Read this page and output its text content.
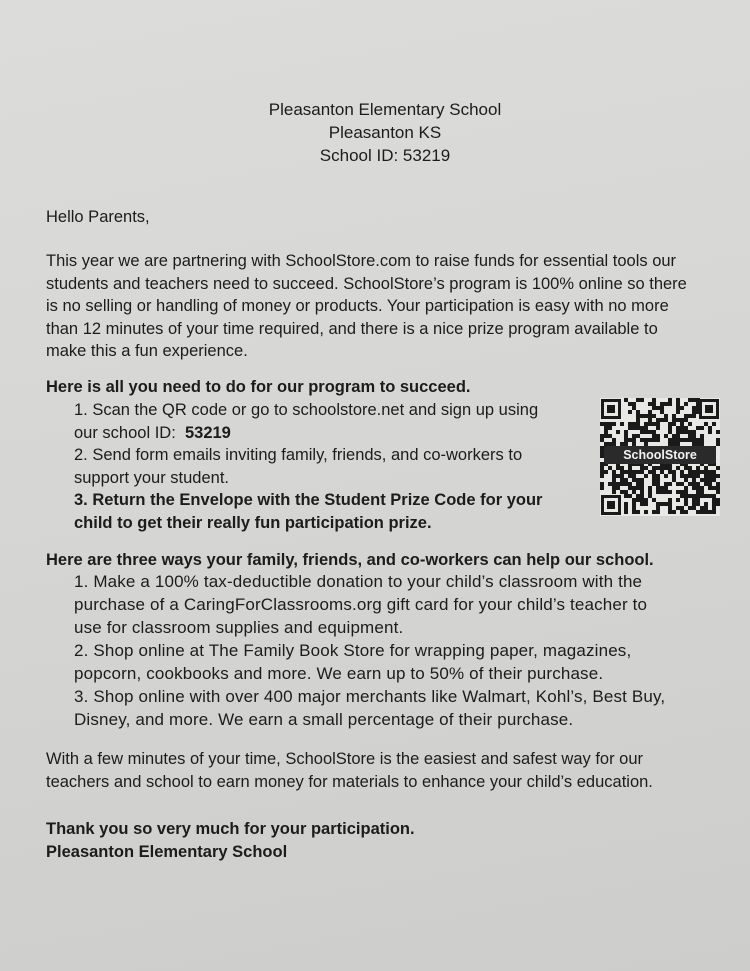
Pleasanton Elementary School
Pleasanton KS
School ID: 53219
Hello Parents,
This year we are partnering with SchoolStore.com to raise funds for essential tools our
students and teachers need to succeed. SchoolStore’s program is 100% online so there
is no selling or handling of money or products. Your participation is easy with no more
than 12 minutes of your time required, and there is a nice prize program available to
make this a fun experience.
Here is all you need to do for our program to succeed.
1. Scan the QR code or go to schoolstore.net and sign up using
our school ID:  53219
2. Send form emails inviting family, friends, and co-workers to
support your student.
3. Return the Envelope with the Student Prize Code for your
child to get their really fun participation prize.
SchoolStore
Here are three ways your family, friends, and co-workers can help our school.
1. Make a 100% tax-deductible donation to your child’s classroom with the
purchase of a CaringForClassrooms.org gift card for your child’s teacher to
use for classroom supplies and equipment.
2. Shop online at The Family Book Store for wrapping paper, magazines,
popcorn, cookbooks and more. We earn up to 50% of their purchase.
3. Shop online with over 400 major merchants like Walmart, Kohl’s, Best Buy,
Disney, and more. We earn a small percentage of their purchase.
With a few minutes of your time, SchoolStore is the easiest and safest way for our
teachers and school to earn money for materials to enhance your child’s education.
Thank you so very much for your participation.
Pleasanton Elementary School
